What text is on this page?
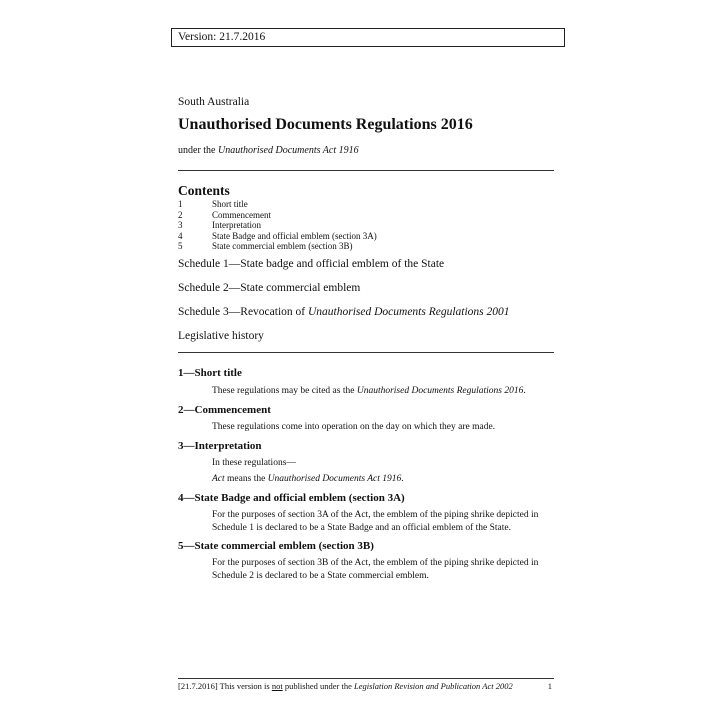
Version: 21.7.2016
South Australia
Unauthorised Documents Regulations 2016
under the Unauthorised Documents Act 1916
Contents
1	Short title
2	Commencement
3	Interpretation
4	State Badge and official emblem (section 3A)
5	State commercial emblem (section 3B)
Schedule 1—State badge and official emblem of the State
Schedule 2—State commercial emblem
Schedule 3—Revocation of Unauthorised Documents Regulations 2001
Legislative history
1—Short title
These regulations may be cited as the Unauthorised Documents Regulations 2016.
2—Commencement
These regulations come into operation on the day on which they are made.
3—Interpretation
In these regulations—
Act means the Unauthorised Documents Act 1916.
4—State Badge and official emblem (section 3A)
For the purposes of section 3A of the Act, the emblem of the piping shrike depicted in
Schedule 1 is declared to be a State Badge and an official emblem of the State.
5—State commercial emblem (section 3B)
For the purposes of section 3B of the Act, the emblem of the piping shrike depicted in
Schedule 2 is declared to be a State commercial emblem.
[21.7.2016] This version is not published under the Legislation Revision and Publication Act 2002	1
